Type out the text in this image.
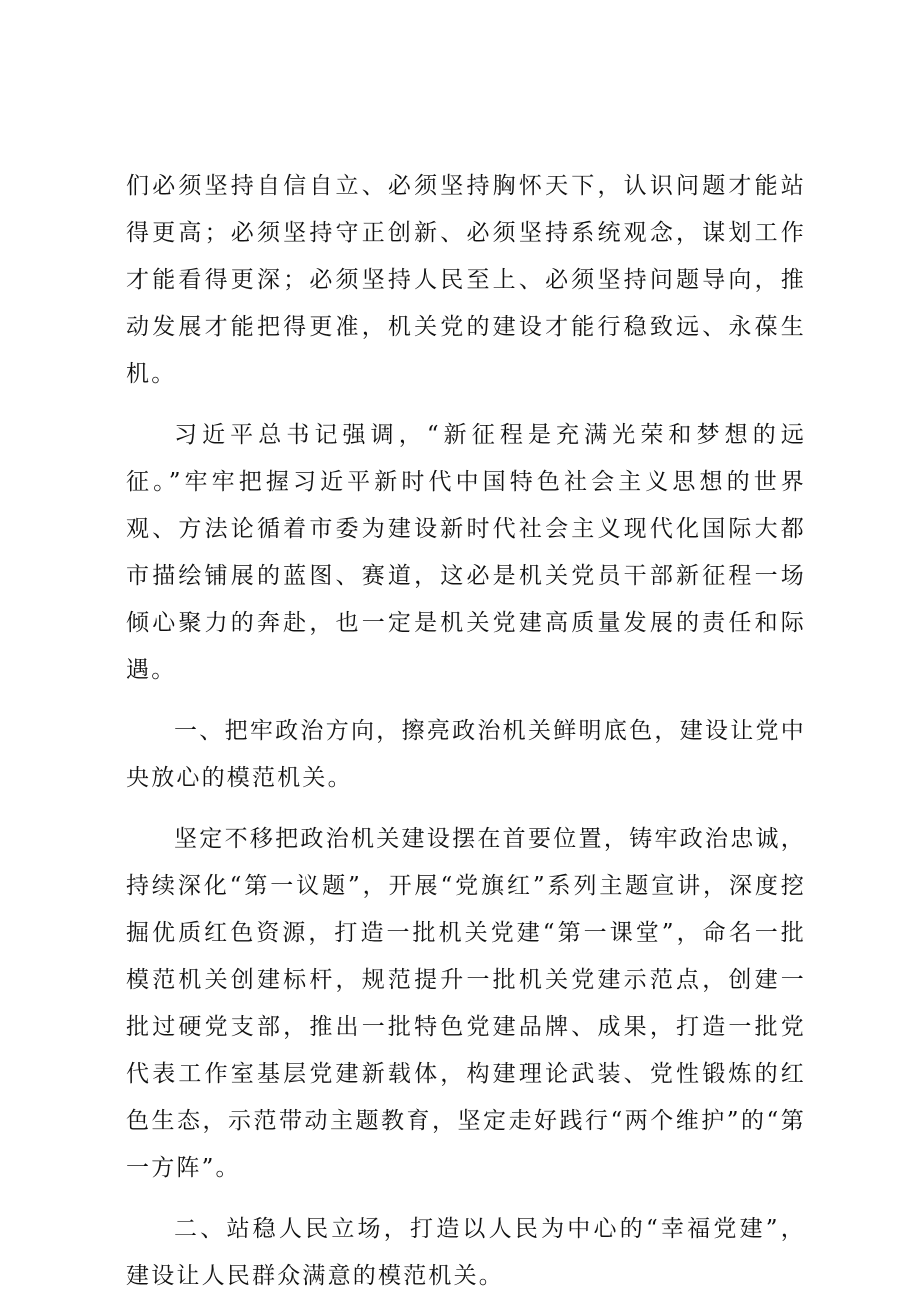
们必须坚持自信自立、必须坚持胸怀天下，认识问题才能站得更高；必须坚持守正创新、必须坚持系统观念，谋划工作才能看得更深；必须坚持人民至上、必须坚持问题导向，推动发展才能把得更准，机关党的建设才能行稳致远、永葆生机。

习近平总书记强调，“新征程是充满光荣和梦想的远征。”牢牢把握习近平新时代中国特色社会主义思想的世界观、方法论循着市委为建设新时代社会主义现代化国际大都市描绘铺展的蓝图、赛道，这必是机关党员干部新征程一场倾心聚力的奔赴，也一定是机关党建高质量发展的责任和际遇。

一、把牢政治方向，擦亮政治机关鲜明底色，建设让党中央放心的模范机关。

坚定不移把政治机关建设摆在首要位置，铸牢政治忠诚，持续深化“第一议题”，开展“党旗红”系列主题宣讲，深度挖掘优质红色资源，打造一批机关党建“第一课堂”，命名一批模范机关创建标杆，规范提升一批机关党建示范点，创建一批过硬党支部，推出一批特色党建品牌、成果，打造一批党代表工作室基层党建新载体，构建理论武装、党性锻炼的红色生态，示范带动主题教育，坚定走好践行“两个维护”的“第一方阵”。

二、站稳人民立场，打造以人民为中心的“幸福党建”，建设让人民群众满意的模范机关。
